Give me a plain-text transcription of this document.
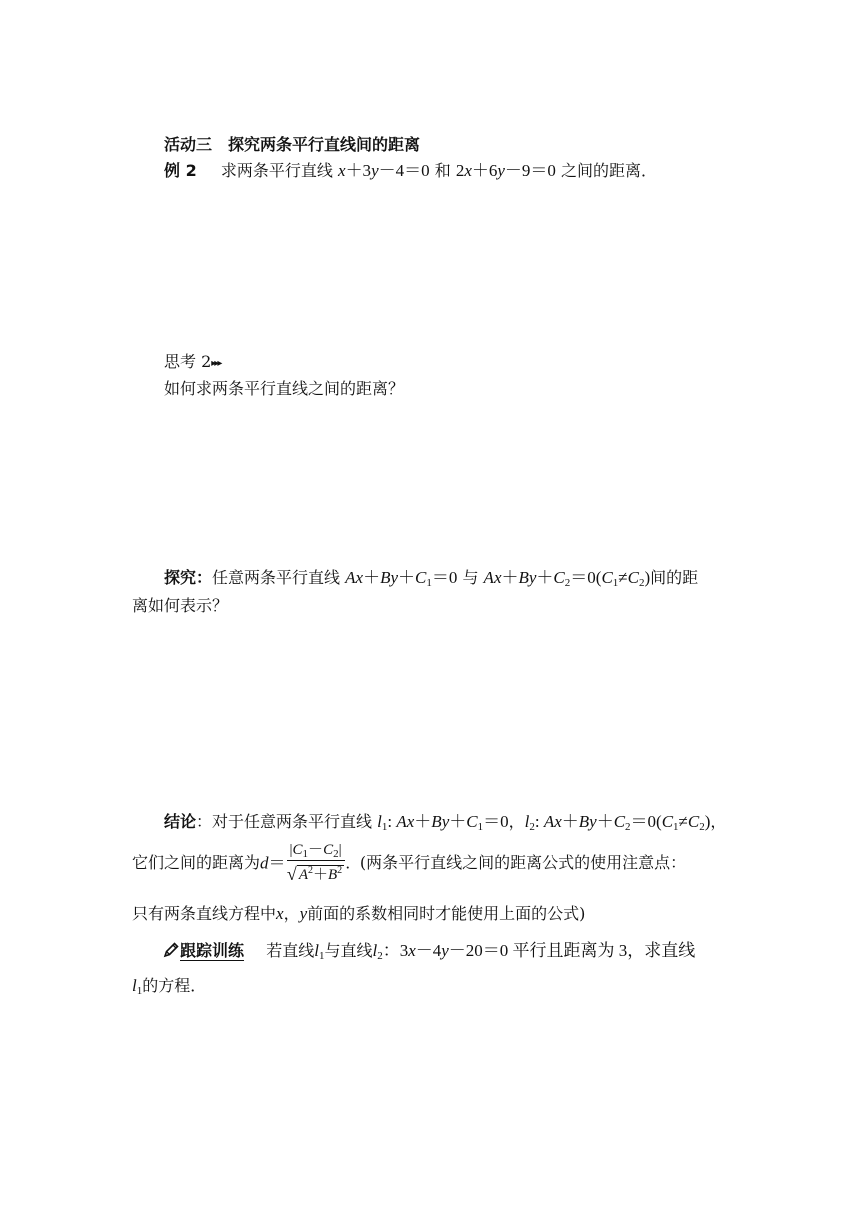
活动三　探究两条平行直线间的距离
例 2 求两条平行直线 x＋3y－4＝0 和 2x＋6y－9＝0 之间的距离．
思考 2▸▸▸
如何求两条平行直线之间的距离？
探究：任意两条平行直线 $Ax+By+C_1=0$ 与 $Ax+By+C_2=0(C_1\ne C_2)$间的距
离如何表示？
结论：对于任意两条平行直线 $l_1$: $Ax+By+C_1=0$，$l_2$: $Ax+By+C_2=0(C_1\ne C_2)$，
它们之间的距离为$d= \frac{|C_1-C_2|}{√ A^2+B^2}$ . (两条平行直线之间的距离公式的使用注意点：
只有两条直线方程中x，y前面的系数相同时才能使用上面的公式)
跟踪训练 若直线$l_1$与直线$l_2$：3x－4y－20＝0 平行且距离为 3，求直线
$l_1$的方程．
